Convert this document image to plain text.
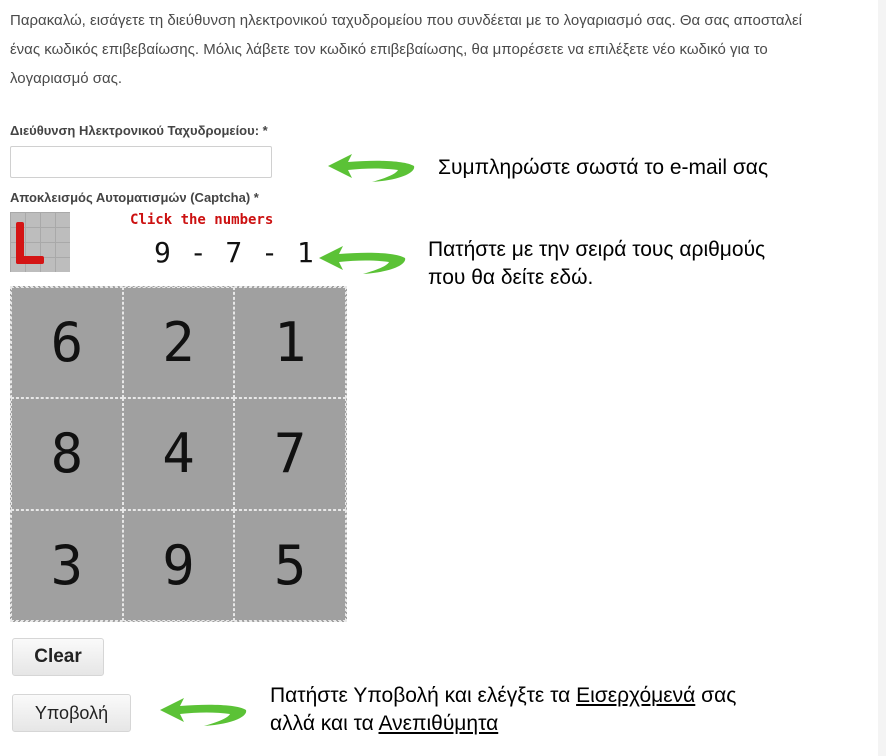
Παρακαλώ, εισάγετε τη διεύθυνση ηλεκτρονικού ταχυδρομείου που συνδέεται με το λογαριασμό σας. Θα σας αποσταλεί
ένας κωδικός επιβεβαίωσης. Μόλις λάβετε τον κωδικό επιβεβαίωσης, θα μπορέσετε να επιλέξετε νέο κωδικό για το
λογαριασμό σας.
Διεύθυνση Ηλεκτρονικού Ταχυδρομείου: *
Αποκλεισμός Αυτοματισμών (Captcha) *
Click the numbers
9 - 7 - 1
6	2	1
8	4	7
3	9	5
Clear
Υποβολή
Συμπληρώστε σωστά το e-mail σας
Πατήστε με την σειρά τους αριθμούς
που θα δείτε εδώ.
Πατήστε Υποβολή και ελέγξτε τα Εισερχόμενά σας
αλλά και τα Ανεπιθύμητα
